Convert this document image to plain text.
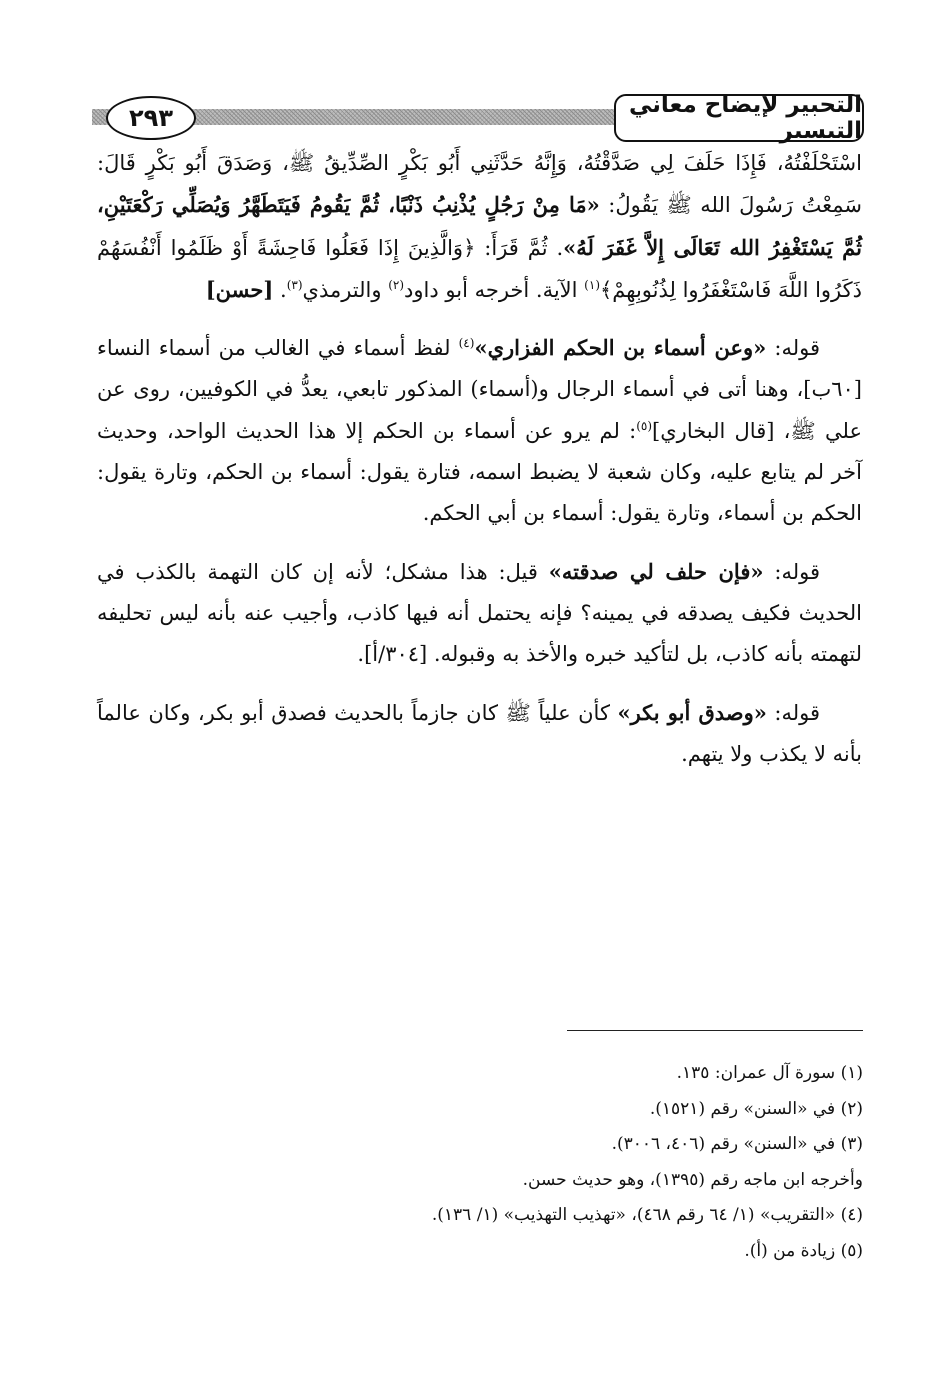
٢٩٣	التحبير لإيضاح معاني التيسير

اسْتَحْلَفْتُهُ، فَإِذَا حَلَفَ لِي صَدَّقْتُهُ، وَإِنَّهُ حَدَّثَنِي أَبُو بَكْرٍ الصِّدِّيقُ ﷺ، وَصَدَقَ أَبُو بَكْرٍ قَالَ: سَمِعْتُ رَسُولَ الله ﷺ يَقُولُ: «مَا مِنْ رَجُلٍ يُذْنِبُ ذَنْبًا، ثُمَّ يَقُومُ فَيَتَطَهَّرُ وَيُصَلِّي رَكْعَتَيْنِ، ثُمَّ يَسْتَغْفِرُ الله تَعَالَى إِلاَّ غَفَرَ لَهُ». ثُمَّ قَرَأَ: ﴿وَالَّذِينَ إِذَا فَعَلُوا فَاحِشَةً أَوْ ظَلَمُوا أَنْفُسَهُمْ ذَكَرُوا اللَّهَ فَاسْتَغْفَرُوا لِذُنُوبِهِمْ﴾$^{(١)}$ الآية. أخرجه أبو داود$^{(٢)}$ والترمذي$^{(٣)}$. [حسن]

قوله: «وعن أسماء بن الحكم الفزاري»$^{(٤)}$ لفظ أسماء في الغالب من أسماء النساء [٦٠ب]، وهنا أتى في أسماء الرجال و(أسماء) المذكور تابعي، يعدُّ في الكوفيين، روى عن علي ﷺ، [قال البخاري]$^{(٥)}$: لم يرو عن أسماء بن الحكم إلا هذا الحديث الواحد، وحديث آخر لم يتابع عليه، وكان شعبة لا يضبط اسمه، فتارة يقول: أسماء بن الحكم، وتارة يقول: الحكم بن أسماء، وتارة يقول: أسماء بن أبي الحكم.

قوله: «فإن حلف لي صدقته» قيل: هذا مشكل؛ لأنه إن كان التهمة بالكذب في الحديث فكيف يصدقه في يمينه؟ فإنه يحتمل أنه فيها كاذب، وأجيب عنه بأنه ليس تحليفه لتهمته بأنه كاذب، بل لتأكيد خبره والأخذ به وقبوله. [٣٠٤/أ].

قوله: «وصدق أبو بكر» كأن علياً ﷺ كان جازماً بالحديث فصدق أبو بكر، وكان عالماً بأنه لا يكذب ولا يتهم.

(١) سورة آل عمران: ١٣٥.
(٢) في «السنن» رقم (١٥٢١).
(٣) في «السنن» رقم (٤٠٦، ٣٠٠٦).
وأخرجه ابن ماجه رقم (١٣٩٥)، وهو حديث حسن.
(٤) «التقريب» (١/ ٦٤ رقم ٤٦٨)، «تهذيب التهذيب» (١/ ١٣٦).
(٥) زيادة من (أ).
